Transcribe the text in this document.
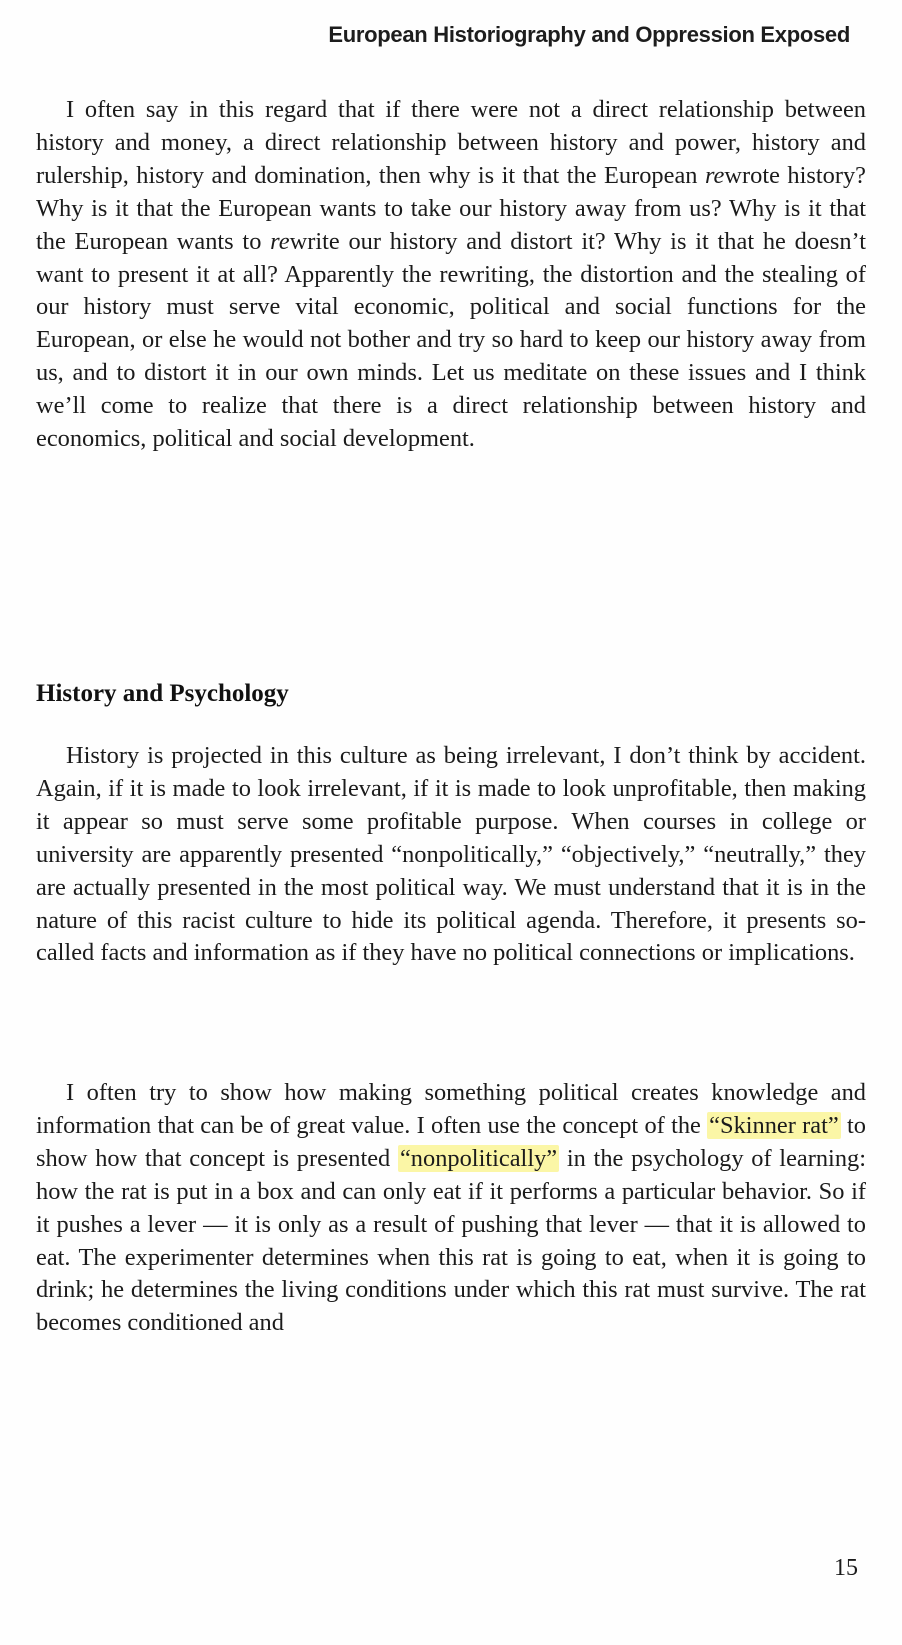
European Historiography and Oppression Exposed

I often say in this regard that if there were not a direct relationship between history and money, a direct relationship between history and power, history and rulership, history and domination, then why is it that the European rewrote history? Why is it that the European wants to take our history away from us? Why is it that the European wants to rewrite our history and distort it? Why is it that he doesn’t want to present it at all? Apparently the rewriting, the distortion and the stealing of our history must serve vital economic, political and social functions for the European, or else he would not bother and try so hard to keep our history away from us, and to distort it in our own minds. Let us meditate on these issues and I think we’ll come to realize that there is a direct relationship between history and economics, political and social development.

History and Psychology

History is projected in this culture as being irrelevant, I don’t think by accident. Again, if it is made to look irrelevant, if it is made to look unprofitable, then making it appear so must serve some profitable purpose. When courses in college or university are apparently presented “nonpolitically,” “objectively,” “neutrally,” they are actually presented in the most political way. We must understand that it is in the nature of this racist culture to hide its political agenda. Therefore, it presents so-called facts and information as if they have no political connections or implications.

I often try to show how making something political creates knowledge and information that can be of great value. I often use the concept of the “Skinner rat” to show how that concept is presented “nonpolitically” in the psychology of learning: how the rat is put in a box and can only eat if it performs a particular behavior. So if it pushes a lever — it is only as a result of pushing that lever — that it is allowed to eat. The experimenter determines when this rat is going to eat, when it is going to drink; he determines the living conditions under which this rat must survive. The rat becomes conditioned and

15
